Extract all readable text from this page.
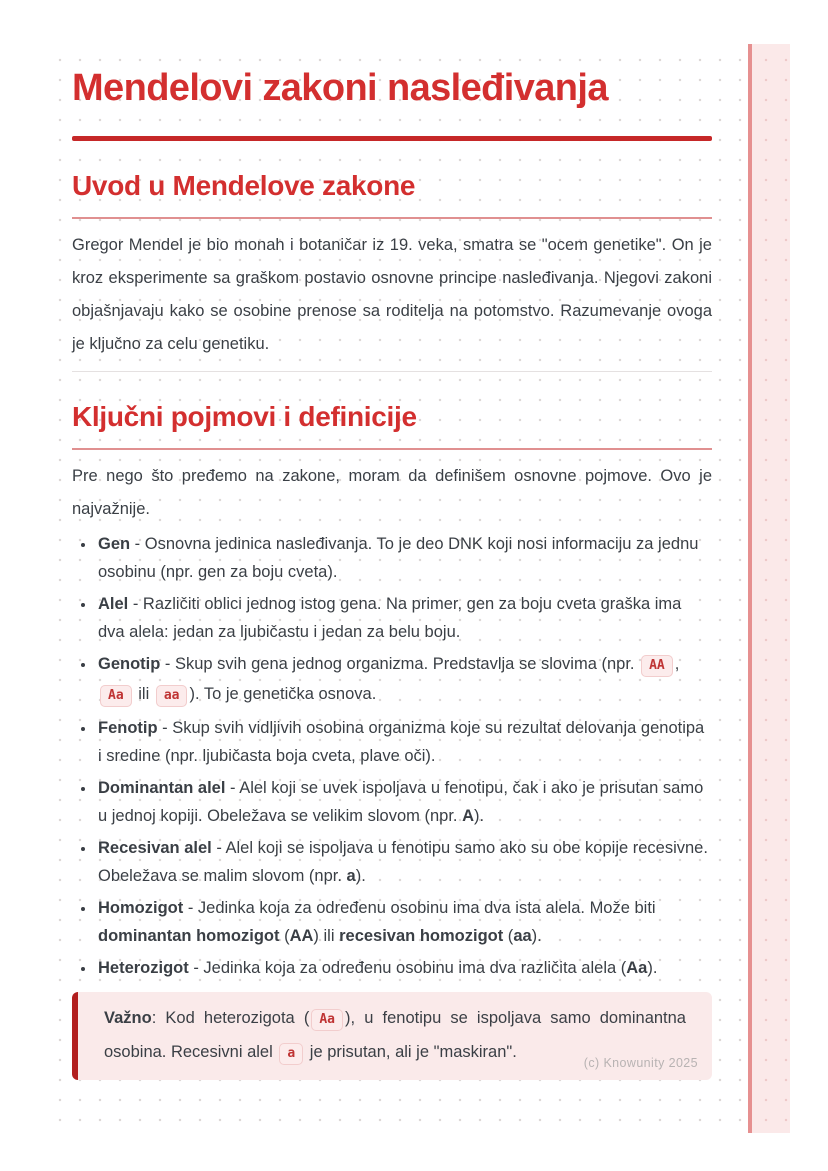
Mendelovi zakoni nasleđivanja
Uvod u Mendelove zakone

Gregor Mendel je bio monah i botaničar iz 19. veka, smatra se "ocem genetike". On je kroz eksperimente sa graškom postavio osnovne principe nasleđivanja. Njegovi zakoni objašnjavaju kako se osobine prenose sa roditelja na potomstvo. Razumevanje ovoga je ključno za celu genetiku.

Ključni pojmovi i definicije

Pre nego što pređemo na zakone, moram da definišem osnovne pojmove. Ovo je najvažnije.

• Gen - Osnovna jedinica nasleđivanja. To je deo DNK koji nosi informaciju za jednu osobinu (npr. gen za boju cveta).
• Alel - Različiti oblici jednog istog gena. Na primer, gen za boju cveta graška ima dva alela: jedan za ljubičastu i jedan za belu boju.
• Genotip - Skup svih gena jednog organizma. Predstavlja se slovima (npr. AA , Aa ili aa ). To je genetička osnova.
• Fenotip - Skup svih vidljivih osobina organizma koje su rezultat delovanja genotipa i sredine (npr. ljubičasta boja cveta, plave oči).
• Dominantan alel - Alel koji se uvek ispoljava u fenotipu, čak i ako je prisutan samo u jednoj kopiji. Obeležava se velikim slovom (npr. A).
• Recesivan alel - Alel koji se ispoljava u fenotipu samo ako su obe kopije recesivne. Obeležava se malim slovom (npr. a).
• Homozigot - Jedinka koja za određenu osobinu ima dva ista alela. Može biti dominantan homozigot (AA) ili recesivan homozigot (aa).
• Heterozigot - Jedinka koja za određenu osobinu ima dva različita alela (Aa).

Važno: Kod heterozigota ( Aa ), u fenotipu se ispoljava samo dominantna osobina. Recesivni alel a je prisutan, ali je "maskiran".

(c) Knowunity 2025
